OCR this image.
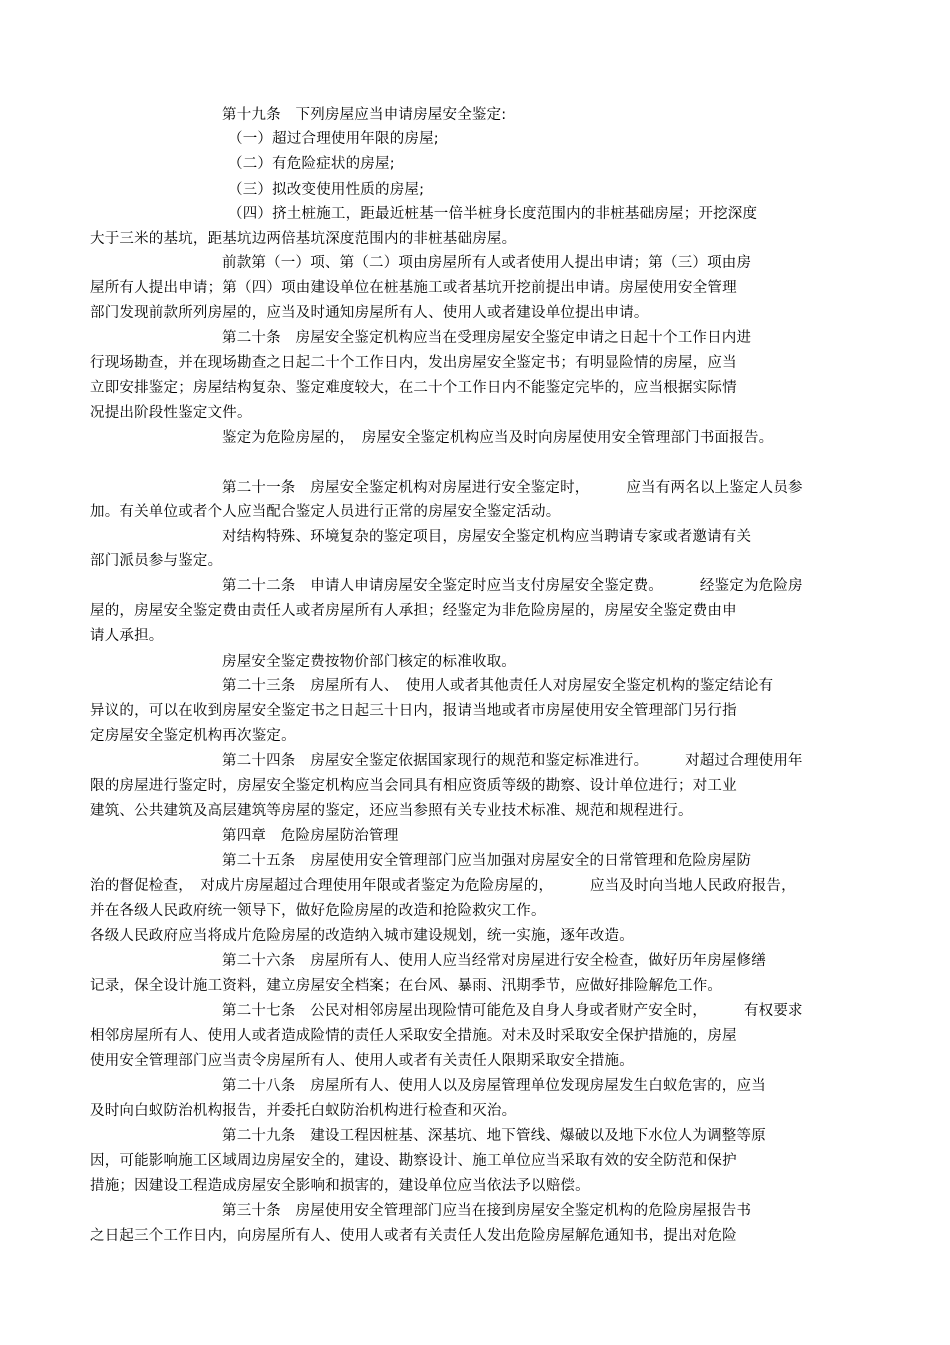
第十九条　下列房屋应当申请房屋安全鉴定:
（一）超过合理使用年限的房屋;
（二）有危险症状的房屋;
（三）拟改变使用性质的房屋;
（四）挤土桩施工，距最近桩基一倍半桩身长度范围内的非桩基础房屋；开挖深度
大于三米的基坑，距基坑边两倍基坑深度范围内的非桩基础房屋。
前款第（一）项、第（二）项由房屋所有人或者使用人提出申请；第（三）项由房
屋所有人提出申请；第（四）项由建设单位在桩基施工或者基坑开挖前提出申请。房屋使用安全管理
部门发现前款所列房屋的，应当及时通知房屋所有人、使用人或者建设单位提出申请。
第二十条　房屋安全鉴定机构应当在受理房屋安全鉴定申请之日起十个工作日内进
行现场勘查，并在现场勘查之日起二十个工作日内，发出房屋安全鉴定书；有明显险情的房屋，应当
立即安排鉴定；房屋结构复杂、鉴定难度较大，在二十个工作日内不能鉴定完毕的，应当根据实际情
况提出阶段性鉴定文件。
鉴定为危险房屋的，　房屋安全鉴定机构应当及时向房屋使用安全管理部门书面报告。
第二十一条　房屋安全鉴定机构对房屋进行安全鉴定时，　　　应当有两名以上鉴定人员参
加。有关单位或者个人应当配合鉴定人员进行正常的房屋安全鉴定活动。
对结构特殊、环境复杂的鉴定项目，房屋安全鉴定机构应当聘请专家或者邀请有关
部门派员参与鉴定。
第二十二条　申请人申请房屋安全鉴定时应当支付房屋安全鉴定费。　　　经鉴定为危险房
屋的，房屋安全鉴定费由责任人或者房屋所有人承担；经鉴定为非危险房屋的，房屋安全鉴定费由申
请人承担。
房屋安全鉴定费按物价部门核定的标准收取。
第二十三条　房屋所有人、　使用人或者其他责任人对房屋安全鉴定机构的鉴定结论有
异议的，可以在收到房屋安全鉴定书之日起三十日内，报请当地或者市房屋使用安全管理部门另行指
定房屋安全鉴定机构再次鉴定。
第二十四条　房屋安全鉴定依据国家现行的规范和鉴定标准进行。　　　对超过合理使用年
限的房屋进行鉴定时，房屋安全鉴定机构应当会同具有相应资质等级的勘察、设计单位进行；对工业
建筑、公共建筑及高层建筑等房屋的鉴定，还应当参照有关专业技术标准、规范和规程进行。
第四章　危险房屋防治管理
第二十五条　房屋使用安全管理部门应当加强对房屋安全的日常管理和危险房屋防
治的督促检查，　对成片房屋超过合理使用年限或者鉴定为危险房屋的，　　　应当及时向当地人民政府报告，
并在各级人民政府统一领导下，做好危险房屋的改造和抢险救灾工作。
各级人民政府应当将成片危险房屋的改造纳入城市建设规划，统一实施，逐年改造。
第二十六条　房屋所有人、使用人应当经常对房屋进行安全检查，做好历年房屋修缮
记录，保全设计施工资料，建立房屋安全档案；在台风、暴雨、汛期季节，应做好排险解危工作。
第二十七条　公民对相邻房屋出现险情可能危及自身人身或者财产安全时，　　　有权要求
相邻房屋所有人、使用人或者造成险情的责任人采取安全措施。对未及时采取安全保护措施的，房屋
使用安全管理部门应当责令房屋所有人、使用人或者有关责任人限期采取安全措施。
第二十八条　房屋所有人、使用人以及房屋管理单位发现房屋发生白蚁危害的，应当
及时向白蚁防治机构报告，并委托白蚁防治机构进行检查和灭治。
第二十九条　建设工程因桩基、深基坑、地下管线、爆破以及地下水位人为调整等原
因，可能影响施工区域周边房屋安全的，建设、勘察设计、施工单位应当采取有效的安全防范和保护
措施；因建设工程造成房屋安全影响和损害的，建设单位应当依法予以赔偿。
第三十条　房屋使用安全管理部门应当在接到房屋安全鉴定机构的危险房屋报告书
之日起三个工作日内，向房屋所有人、使用人或者有关责任人发出危险房屋解危通知书，提出对危险
